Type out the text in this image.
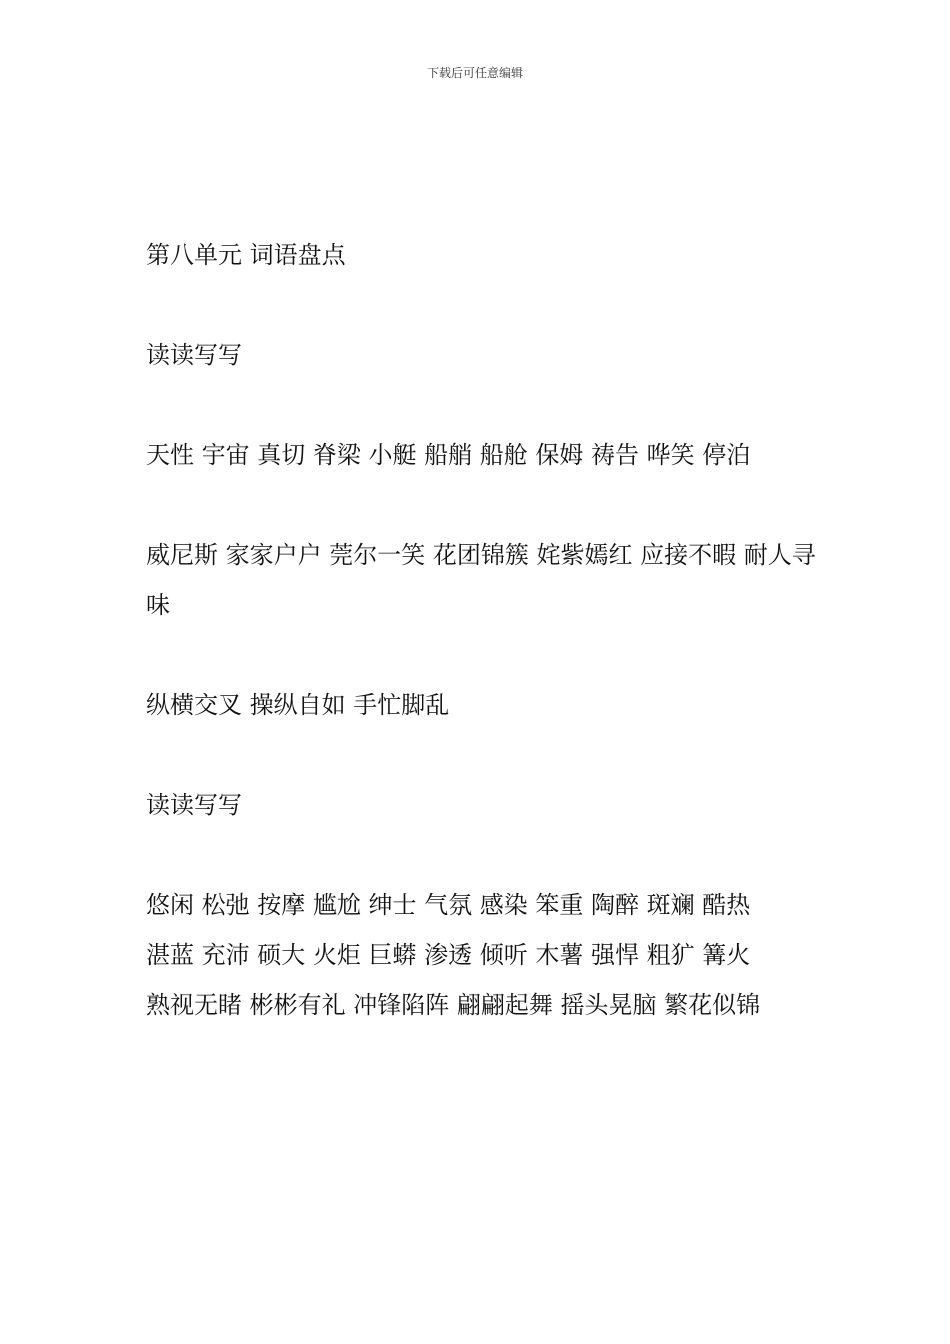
下载后可任意编辑
第八单元 词语盘点
读读写写
天性 宇宙 真切 脊梁 小艇 船艄 船舱 保姆 祷告 哗笑 停泊
威尼斯 家家户户 莞尔一笑 花团锦簇 姹紫嫣红 应接不暇 耐人寻味
纵横交叉 操纵自如 手忙脚乱
读读写写
悠闲 松弛 按摩 尴尬 绅士 气氛 感染 笨重 陶醉 斑斓 酷热
湛蓝 充沛 硕大 火炬 巨蟒 渗透 倾听 木薯 强悍 粗犷 篝火
熟视无睹 彬彬有礼 冲锋陷阵 翩翩起舞 摇头晃脑 繁花似锦
